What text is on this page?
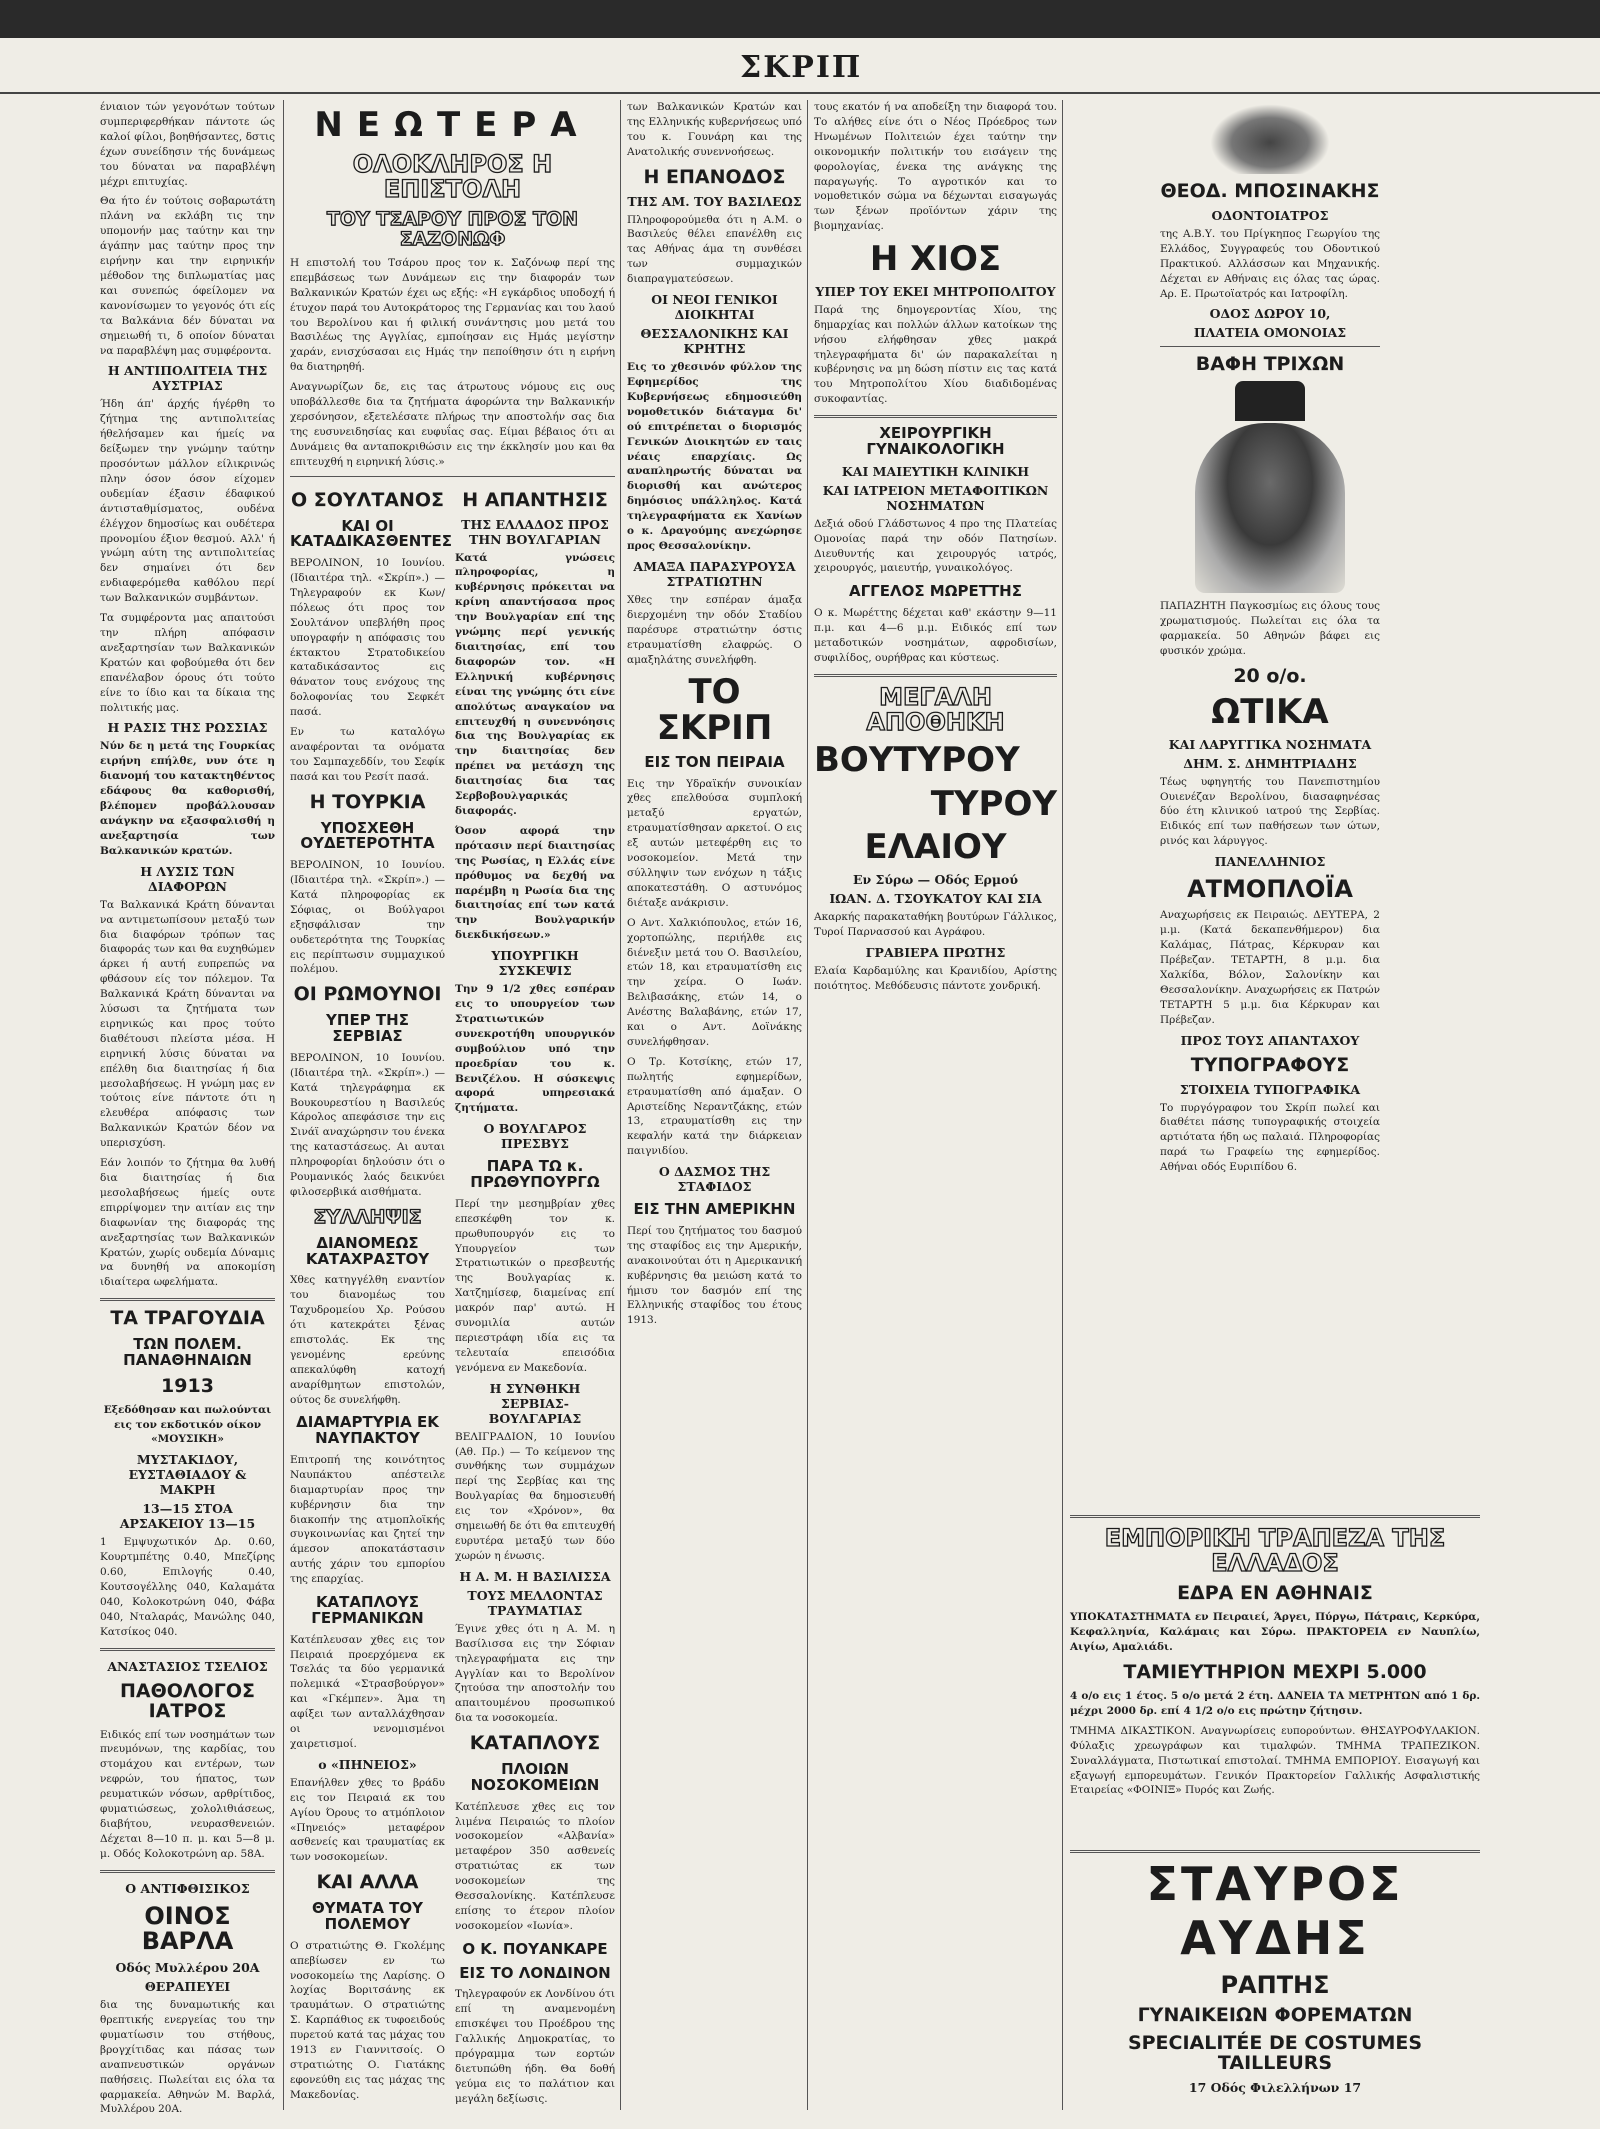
ΣΚΡΙΠ

ένιαιον τών γεγονότων τούτων συμπεριφερθήκαν πάντοτε ώς καλοί φίλοι, βοηθήσαντες, δστις έχων συνείδησιν τής δυνάμεως του δύναται να παραβλέψη μέχρι επιτυχίας.

Θα ήτο έν τούτοις σοβαρωτάτη πλάνη να εκλάβη τις την υπομονήν μας ταύτην και την άγάπην μας ταύτην προς την ειρήνην και την ειρηνικήν μέθοδον της διπλωματίας μας και συνεπώς όφείλομεν να κανονίσωμεν το γεγονός ότι είς τα Βαλκάνια δέν δύναται να σημειωθή τι, δ οποίον δύναται να παραβλέψη μας συμφέροντα.

Η ΑΝΤΙΠΟΛΙΤΕΙΑ ΤΗΣ ΑΥΣΤΡΙΑΣ

Ήδη άπ' άρχής ήγέρθη το ζήτημα της αντιπολιτείας ήθελήσαμεν και ήμείς να δείξωμεν την γνώμην ταύτην προσόντων μάλλον είλικρινώς πλην όσον όσον είχομεν ουδεμίαν έξασιν έδαφικού άντισταθμίσματος, ουδένα έλέγχον δημοσίως και ουδέτερα προνομίου έξιον θεσμού. Αλλ' ή γνώμη αύτη της αντιπολιτείας δεν σημαίνει ότι δεν ενδιαφερόμεθα καθόλου περί των Βαλκανικών συμβάντων.

Τα συμφέροντα μας απαιτούσι την πλήρη απόφασιν ανεξαρτησίαν των Βαλκανικών Κρατών και φοβούμεθα ότι δεν επανέλαβον όρους ότι τούτο είνε το ίδιο και τα δίκαια της πολιτικής μας.

Η ΡΑΣΙΣ ΤΗΣ ΡΩΣΣΙΑΣ

Νύν δε η μετά της Γουρκίας ειρήνη επήλθε, νυν ότε η διανομή του κατακτηθέντος εδάφους θα καθορισθή, βλέπομεν προβάλλουσαν ανάγκην να εξασφαλισθή η ανεξαρτησία των Βαλκανικών κρατών.

Η ΛΥΣΙΣ ΤΩΝ ΔΙΑΦΟΡΩΝ

Τα Βαλκανικά Κράτη δύνανται να αντιμετωπίσουν μεταξύ των δια διαφόρων τρόπων τας διαφοράς των και θα ευχηθώμεν άρκει ή αυτή ευπρεπώς να φθάσουν είς τον πόλεμον. Τα Βαλκανικά Κράτη δύνανται να λύσωσι τα ζητήματα των ειρηνικώς και προς τούτο διαθέτουσι πλείστα μέσα. Η ειρηνική λύσις δύναται να επέλθη δια διαιτησίας ή δια μεσολαβήσεως. Η γνώμη μας εν τούτοις είνε πάντοτε ότι η ελευθέρα απόφασις των Βαλκανικών Κρατών δέον να υπερισχύση.

Εάν λοιπόν το ζήτημα θα λυθή δια διαιτησίας ή δια μεσολαβήσεως ήμείς ουτε επιρρίψομεν την αιτίαν εις την διαφωνίαν της διαφοράς της ανεξαρτησίας των Βαλκανικών Κρατών, χωρίς ουδεμία Δύναμις να δυνηθή να αποκομίση ιδιαίτερα ωφελήματα.

ΤΑ ΤΡΑΓΟΥΔΙΑ
ΤΩΝ ΠΟΛΕΜ. ΠΑΝΑΘΗΝΑΙΩΝ
1913

Εξεδόθησαν και πωλούνται εις τον εκδοτικόν οίκον «ΜΟΥΣΙΚΗ»

ΜΥΣΤΑΚΙΔΟΥ, ΕΥΣΤΑΘΙΑΔΟΥ & ΜΑΚΡΗ
13—15 ΣΤΟΑ ΑΡΣΑΚΕΙΟΥ 13—15

1 Εμψυχωτικόν Δρ. 0.60, Κουρτμπέτης 0.40, Μπεζίρης 0.60, Επιλογής 0.40, Κουτσογέλλης 040, Καλαμάτα 040, Κολοκοτρώνη 040, Φάβα 040, Νταλαράς, Μανώλης 040, Κατσίκος 040.

ΑΝΑΣΤΑΣΙΟΣ ΤΣΕΛΙΟΣ
ΠΑΘΟΛΟΓΟΣ ΙΑΤΡΟΣ

Ειδικός επί των νοσημάτων των πνευμόνων, της καρδίας, του στομάχου και εντέρων, των νεφρών, του ήπατος, των ρευματικών νόσων, αρθρίτιδος, φυματιώσεως, χολολιθιάσεως, διαβήτου, νευρασθενειών. Δέχεται 8—10 π. μ. και 5—8 μ. μ. Οδός Κολοκοτρώνη αρ. 58Α.

Ο ΑΝΤΙΦΘΙΣΙΚΟΣ
ΟΙΝΟΣ ΒΑΡΛΑ
Οδός Μυλλέρου 20Α
ΘΕΡΑΠΕΥΕΙ

δια της δυναμωτικής και θρεπτικής ενεργείας του την φυματίωσιν του στήθους, βρογχίτιδας και πάσας των αναπνευστικών οργάνων παθήσεις. Πωλείται εις όλα τα φαρμακεία. Αθηνών Μ. Βαρλά, Μυλλέρου 20Α.

ΝΕΩΤΕΡΑ
ΟΛΟΚΛΗΡΟΣ Η ΕΠΙΣΤΟΛΗ
ΤΟΥ ΤΣΑΡΟΥ ΠΡΟΣ ΤΟΝ ΣΑΖΟΝΩΦ

Η επιστολή του Τσάρου προς τον κ. Σαζόνωφ περί της επεμβάσεως των Δυνάμεων εις την διαφοράν των Βαλκανικών Κρατών έχει ως εξής: «Η εγκάρδιος υποδοχή ή έτυχον παρά του Αυτοκράτορος της Γερμανίας και του λαού του Βερολίνου και ή φιλική συνάντησις μου μετά του Βασιλέως της Αγγλίας, εμποίησαν εις Ημάς μεγίστην χαράν, ενισχύσασαι εις Ημάς την πεποίθησιν ότι η ειρήνη θα διατηρηθή.

Αναγνωρίζων δε, εις τας άτρωτους νόμους εις ους υποβάλλεσθε δια τα ζητήματα άφορώντα την Βαλκανικήν χερσόνησον, εξετελέσατε πλήρως την αποστολήν σας δια της ευσυνειδησίας και ευφυΐας σας. Είμαι βέβαιος ότι αι Δυνάμεις θα ανταποκριθώσιν εις την έκκλησίν μου και θα επιτευχθή η ειρηνική λύσις.»

Ο ΣΟΥΛΤΑΝΟΣ
ΚΑΙ ΟΙ ΚΑΤΑΔΙΚΑΣΘΕΝΤΕΣ

ΒΕΡΟΛΙΝΟΝ, 10 Ιουνίου. (Ιδιαιτέρα τηλ. «Σκρίπ».) — Τηλεγραφούν εκ Κων/πόλεως ότι προς τον Σουλτάνον υπεβλήθη προς υπογραφήν η απόφασις του έκτακτου Στρατοδικείου καταδικάσαντος εις θάνατον τους ενόχους της δολοφονίας του Σεφκέτ πασά.

Εν τω καταλόγω αναφέρονται τα ονόματα του Σαμπαχεδδίν, του Σεφίκ πασά και του Ρεσίτ πασά.

Η ΤΟΥΡΚΙΑ
ΥΠΟΣΧΕΘΗ ΟΥΔΕΤΕΡΟΤΗΤΑ

ΒΕΡΟΛΙΝΟΝ, 10 Ιουνίου. (Ιδιαιτέρα τηλ. «Σκρίπ».) — Κατά πληροφορίας εκ Σόφιας, οι Βούλγαροι εξησφάλισαν την ουδετερότητα της Τουρκίας εις περίπτωσιν συμμαχικού πολέμου.

ΟΙ ΡΩΜΟΥΝΟΙ
ΥΠΕΡ ΤΗΣ ΣΕΡΒΙΑΣ

ΒΕΡΟΛΙΝΟΝ, 10 Ιουνίου. (Ιδιαιτέρα τηλ. «Σκρίπ».) — Κατά τηλεγράφημα εκ Βουκουρεστίου η Βασιλεύς Κάρολος απεφάσισε την εις Σινάϊ αναχώρησιν του ένεκα της καταστάσεως. Αι αυται πληροφορίαι δηλούσιν ότι ο Ρουμανικός λαός δεικνύει φιλοσερβικά αισθήματα.

ΣΥΛΛΗΨΙΣ
ΔΙΑΝΟΜΕΩΣ ΚΑΤΑΧΡΑΣΤΟΥ

Χθες κατηγγέλθη εναντίον του διανομέως του Ταχυδρομείου Χρ. Ρούσου ότι κατεκράτει ξένας επιστολάς. Εκ της γενομένης ερεύνης απεκαλύφθη κατοχή αναρίθμητων επιστολών, ούτος δε συνελήφθη.

ΔΙΑΜΑΡΤΥΡΙΑ ΕΚ ΝΑΥΠΑΚΤΟΥ

Επιτροπή της κοινότητος Ναυπάκτου απέστειλε διαμαρτυρίαν προς την κυβέρνησιν δια την διακοπήν της ατμοπλοϊκής συγκοινωνίας και ζητεί την άμεσον αποκατάστασιν αυτής χάριν του εμπορίου της επαρχίας.

ΚΑΤΑΠΛΟΥΣ ΓΕΡΜΑΝΙΚΩΝ

Κατέπλευσαν χθες εις τον Πειραιά προερχόμενα εκ Τσελάς τα δύο γερμανικά πολεμικά «Στρασβούργον» και «Γκέμπεν». Άμα τη αφίξει των ανταλλάχθησαν οι νενομισμένοι χαιρετισμοί.

ο «ΠΗΝΕΙΟΣ»

Επανήλθεν χθες το βράδυ εις τον Πειραιά εκ του Αγίου Όρους το ατμόπλοιον «Πηνειός» μεταφέρον ασθενείς και τραυματίας εκ των νοσοκομείων.

ΚΑΙ ΑΛΛΑ
ΘΥΜΑΤΑ ΤΟΥ ΠΟΛΕΜΟΥ

Ο στρατιώτης Θ. Γκολέμης απεβίωσεν εν τω νοσοκομείω της Λαρίσης. Ο λοχίας Βοριτσάνης εκ τραυμάτων. Ο στρατιώτης Σ. Καρπάθιος εκ τυφοειδούς πυρετού κατά τας μάχας του 1913 εν Γιαννιτσοίς. Ο στρατιώτης Ο. Γιατάκης εφονεύθη εις τας μάχας της Μακεδονίας.

Η ΑΠΑΝΤΗΣΙΣ
ΤΗΣ ΕΛΛΑΔΟΣ ΠΡΟΣ ΤΗΝ ΒΟΥΛΓΑΡΙΑΝ

Κατά γνώσεις πληροφορίας, η κυβέρνησις πρόκειται να κρίνη απαντήσασα προς την Βουλγαρίαν επί της γνώμης περί γενικής διαιτησίας, επί του διαφορών τον. «Η Ελληνική κυβέρνησις είναι της γνώμης ότι είνε απολύτως αναγκαίον να επιτευχθή η συνεννόησις δια της Βουλγαρίας εκ την διαιτησίας δεν πρέπει να μετάσχη της διαιτησίας δια τας Σερβοβουλγαρικάς διαφοράς.

Όσον αφορά την πρότασιν περί διαιτησίας της Ρωσίας, η Ελλάς είνε πρόθυμος να δεχθή να παρέμβη η Ρωσία δια της διαιτησίας επί των κατά την Βουλγαρικήν διεκδικήσεων.»

ΥΠΟΥΡΓΙΚΗ ΣΥΣΚΕΨΙΣ

Την 9 1/2 χθες εσπέραν εις το υπουργείον των Στρατιωτικών συνεκροτήθη υπουργικόν συμβούλιον υπό την προεδρίαν του κ. Βενιζέλου. Η σύσκεψις αφορά υπηρεσιακά ζητήματα.

Ο ΒΟΥΛΓΑΡΟΣ ΠΡΕΣΒΥΣ
ΠΑΡΑ ΤΩ κ. ΠΡΩΘΥΠΟΥΡΓΩ

Περί την μεσημβρίαν χθες επεσκέφθη τον κ. πρωθυπουργόν εις το Υπουργείον των Στρατιωτικών ο πρεσβευτής της Βουλγαρίας κ. Χατζημίσεφ, διαμείνας επί μακρόν παρ' αυτώ. Η συνομιλία αυτών περιεστράφη ιδία εις τα τελευταία επεισόδια γενόμενα εν Μακεδονία.

Η ΣΥΝΘΗΚΗ ΣΕΡΒΙΑΣ-ΒΟΥΛΓΑΡΙΑΣ

ΒΕΛΙΓΡΑΔΙΟΝ, 10 Ιουνίου (Αθ. Πρ.) — Το κείμενον της συνθήκης των συμμάχων περί της Σερβίας και της Βουλγαρίας θα δημοσιευθή εις τον «Χρόνον», θα σημειωθή δε ότι θα επιτευχθή ευρυτέρα μεταξύ των δύο χωρών η ένωσις.

Η Α. Μ. Η ΒΑΣΙΛΙΣΣΑ
ΤΟΥΣ ΜΕΛΛΟΝΤΑΣ ΤΡΑΥΜΑΤΙΑΣ

Έγινε χθες ότι η Α. Μ. η Βασίλισσα εις την Σόφιαν τηλεγραφήματα εις την Αγγλίαν και το Βερολίνον ζητούσα την αποστολήν του απαιτουμένου προσωπικού δια τα νοσοκομεία.

ΚΑΤΑΠΛΟΥΣ
ΠΛΟΙΩΝ ΝΟΣΟΚΟΜΕΙΩΝ

Κατέπλευσε χθες εις τον λιμένα Πειραιώς το πλοίον νοσοκομείον «Αλβανία» μεταφέρον 350 ασθενείς στρατιώτας εκ των νοσοκομείων της Θεσσαλονίκης. Κατέπλευσε επίσης το έτερον πλοίον νοσοκομείον «Ιωνία».

Ο Κ. ΠΟΥΑΝΚΑΡΕ
ΕΙΣ ΤΟ ΛΟΝΔΙΝΟΝ

Τηλεγραφούν εκ Λονδίνου ότι επί τη αναμενομένη επισκέψει του Προέδρου της Γαλλικής Δημοκρατίας, το πρόγραμμα των εορτών διετυπώθη ήδη. Θα δοθή γεύμα εις το παλάτιον και μεγάλη δεξίωσις.

των Βαλκανικών Κρατών και της Ελληνικής κυβερνήσεως υπό του κ. Γουνάρη και της Ανατολικής συνεννοήσεως.

Η ΕΠΑΝΟΔΟΣ
ΤΗΣ ΑΜ. ΤΟΥ ΒΑΣΙΛΕΩΣ

Πληροφορούμεθα ότι η Α.Μ. ο Βασιλεύς θέλει επανέλθη εις τας Αθήνας άμα τη συνθέσει των συμμαχικών διαπραγματεύσεων.

ΟΙ ΝΕΟΙ ΓΕΝΙΚΟΙ ΔΙΟΙΚΗΤΑΙ
ΘΕΣΣΑΛΟΝΙΚΗΣ ΚΑΙ ΚΡΗΤΗΣ

Εις το χθεσινόν φύλλον της Εφημερίδος της Κυβερνήσεως εδημοσιεύθη νομοθετικόν διάταγμα δι' ού επιτρέπεται ο διορισμός Γενικών Διοικητών εν ταις νέαις επαρχίαις. Ως αναπληρωτής δύναται να διορισθή και ανώτερος δημόσιος υπάλληλος. Κατά τηλεγραφήματα εκ Χανίων ο κ. Δραγούμης ανεχώρησε προς Θεσσαλονίκην.

ΑΜΑΞΑ ΠΑΡΑΣΥΡΟΥΣΑ ΣΤΡΑΤΙΩΤΗΝ

Χθες την εσπέραν άμαξα διερχομένη την οδόν Σταδίου παρέσυρε στρατιώτην όστις ετραυματίσθη ελαφρώς. Ο αμαξηλάτης συνελήφθη.

ΤΟ ΣΚΡΙΠ
ΕΙΣ ΤΟΝ ΠΕΙΡΑΙΑ

Εις την Υδραϊκήν συνοικίαν χθες επελθούσα συμπλοκή μεταξύ εργατών, ετραυματίσθησαν αρκετοί. Ο εις εξ αυτών μετεφέρθη εις το νοσοκομείον. Μετά την σύλληψιν των ενόχων η τάξις αποκατεστάθη. Ο αστυνόμος διέταξε ανάκρισιν.

Ο Αντ. Χαλκιόπουλος, ετών 16, χορτοπώλης, περιήλθε εις διένεξιν μετά του Ο. Βασιλείου, ετών 18, και ετραυματίσθη εις την χείρα. Ο Ιωάν. Βελιβασάκης, ετών 14, ο Ανέστης Βαλαβάνης, ετών 17, και ο Αντ. Δοϊνάκης συνελήφθησαν.

Ο Τρ. Κοτσίκης, ετών 17, πωλητής εφημερίδων, ετραυματίσθη από άμαξαν. Ο Αριστείδης Νεραντζάκης, ετών 13, ετραυματίσθη εις την κεφαλήν κατά την διάρκειαν παιγνιδίου.

Ο ΔΑΣΜΟΣ ΤΗΣ ΣΤΑΦΙΔΟΣ
ΕΙΣ ΤΗΝ ΑΜΕΡΙΚΗΝ

Περί του ζητήματος του δασμού της σταφίδος εις την Αμερικήν, ανακοινούται ότι η Αμερικανική κυβέρνησις θα μειώση κατά το ήμισυ τον δασμόν επί της Ελληνικής σταφίδος του έτους 1913.

τους εκατόν ή να αποδείξη την διαφορά του. Το αλήθες είνε ότι ο Νέος Πρόεδρος των Ηνωμένων Πολιτειών έχει ταύτην την οικονομικήν πολιτικήν του εισάγειν της φορολογίας, ένεκα της ανάγκης της παραγωγής. Το αγροτικόν και το νομοθετικόν σώμα να δέχωνται εισαγωγάς των ξένων προϊόντων χάριν της βιομηχανίας.

Η ΧΙΟΣ
ΥΠΕΡ ΤΟΥ ΕΚΕΙ ΜΗΤΡΟΠΟΛΙΤΟΥ

Παρά της δημογεροντίας Χίου, της δημαρχίας και πολλών άλλων κατοίκων της νήσου ελήφθησαν χθες μακρά τηλεγραφήματα δι' ών παρακαλείται η κυβέρνησις να μη δώση πίστιν εις τας κατά του Μητροπολίτου Χίου διαδιδομένας συκοφαντίας.

ΧΕΙΡΟΥΡΓΙΚΗ ΓΥΝΑΙΚΟΛΟΓΙΚΗ
ΚΑΙ ΜΑΙΕΥΤΙΚΗ ΚΛΙΝΙΚΗ
ΚΑΙ ΙΑΤΡΕΙΟΝ ΜΕΤΑΦΟΙΤΙΚΩΝ ΝΟΣΗΜΑΤΩΝ

Δεξιά οδού Γλάδστωνος 4 προ της Πλατείας Ομονοίας παρά την οδόν Πατησίων. Διευθυντής και χειρουργός ιατρός, χειρουργός, μαιευτήρ, γυναικολόγος.

ΑΓΓΕΛΟΣ ΜΩΡΕΤΤΗΣ

Ο κ. Μωρέττης δέχεται καθ' εκάστην 9—11 π.μ. και 4—6 μ.μ. Ειδικός επί των μεταδοτικών νοσημάτων, αφροδισίων, συφιλίδος, ουρήθρας και κύστεως.

ΜΕΓΑΛΗ ΑΠΟΘΗΚΗ
ΒΟΥΤΥΡΟΥ
ΤΥΡΟΥ
ΕΛΑΙΟΥ
Εν Σύρω — Οδός Ερμού
ΙΩΑΝ. Δ. ΤΣΟΥΚΑΤΟΥ ΚΑΙ ΣΙΑ

Ακαρκής παρακαταθήκη βουτύρων Γάλλικος, Τυροί Παρνασσού και Αγράφου.

ΓΡΑΒΙΕΡΑ ΠΡΩΤΗΣ

Ελαία Καρδαμύλης και Κρανιδίου, Αρίστης ποιότητος. Μεθόδευσις πάντοτε χονδρική.

ΘΕΟΔ. ΜΠΟΣΙΝΑΚΗΣ
ΟΔΟΝΤΟΙΑΤΡΟΣ

της Α.Β.Υ. του Πρίγκηπος Γεωργίου της Ελλάδος, Συγγραφεύς του Οδοντικού Πρακτικού. Αλλάσσων και Μηχανικής. Δέχεται εν Αθήναις εις όλας τας ώρας. Αρ. Ε. Πρωτοϊατρός και Ιατροφίλη.

ΟΔΟΣ ΔΩΡΟΥ 10,
ΠΛΑΤΕΙΑ ΟΜΟΝΟΙΑΣ
ΒΑΦΗ ΤΡΙΧΩΝ

ΠΑΠΑΖΗΤΗ Παγκοσμίως εις όλους τους χρωματισμούς. Πωλείται εις όλα τα φαρμακεία. 50 Αθηνών βάφει εις φυσικόν χρώμα.

20 ο/ο.
ΩΤΙΚΑ
ΚΑΙ ΛΑΡΥΓΓΙΚΑ ΝΟΣΗΜΑΤΑ
ΔΗΜ. Σ. ΔΗΜΗΤΡΙΑΔΗΣ

Τέως υφηγητής του Πανεπιστημίου Ουιενέζαν Βερολίνου, διασαφηνέσας δύο έτη κλινικού ιατρού της Σερβίας. Ειδικός επί των παθήσεων των ώτων, ρινός και λάρυγγος.

ΠΑΝΕΛΛΗΝΙΟΣ
ΑΤΜΟΠΛΟΪΑ

Αναχωρήσεις εκ Πειραιώς. ΔΕΥΤΕΡΑ, 2 μ.μ. (Κατά δεκαπενθήμερον) δια Καλάμας, Πάτρας, Κέρκυραν και Πρέβεζαν. ΤΕΤΑΡΤΗ, 8 μ.μ. δια Χαλκίδα, Βόλον, Σαλονίκην και Θεσσαλονίκην. Αναχωρήσεις εκ Πατρών ΤΕΤΑΡΤΗ 5 μ.μ. δια Κέρκυραν και Πρέβεζαν.

ΠΡΟΣ ΤΟΥΣ ΑΠΑΝΤΑΧΟΥ
ΤΥΠΟΓΡΑΦΟΥΣ
ΣΤΟΙΧΕΙΑ ΤΥΠΟΓΡΑΦΙΚΑ

Το πυργόγραφον του Σκρίπ πωλεί και διαθέτει πάσης τυπογραφικής στοιχεία αρτιότατα ήδη ως παλαιά. Πληροφορίας παρά τω Γραφείω της εφημερίδος. Αθήναι οδός Ευριπίδου 6.

ΕΜΠΟΡΙΚΗ ΤΡΑΠΕΖΑ ΤΗΣ ΕΛΛΑΔΟΣ
ΕΔΡΑ ΕΝ ΑΘΗΝΑΙΣ

ΥΠΟΚΑΤΑΣΤΗΜΑΤΑ εν Πειραιεί, Άργει, Πύργω, Πάτραις, Κερκύρα, Κεφαλληνία, Καλάμαις και Σύρω. ΠΡΑΚΤΟΡΕΙΑ εν Ναυπλίω, Αιγίω, Αμαλιάδι.

ΤΑΜΙΕΥΤΗΡΙΟΝ ΜΕΧΡΙ 5.000

4 ο/ο εις 1 έτος. 5 ο/ο μετά 2 έτη. ΔΑΝΕΙΑ ΤΑ ΜΕΤΡΗΤΩΝ από 1 δρ. μέχρι 2000 δρ. επί 4 1/2 ο/ο εις πρώτην ζήτησιν.

ΤΜΗΜΑ ΔΙΚΑΣΤΙΚΟΝ. Αναγνωρίσεις ευπορούντων. ΘΗΣΑΥΡΟΦΥΛΑΚΙΟΝ. Φύλαξις χρεωγράφων και τιμαλφών. ΤΜΗΜΑ ΤΡΑΠΕΖΙΚΟΝ. Συναλλάγματα, Πιστωτικαί επιστολαί. ΤΜΗΜΑ ΕΜΠΟΡΙΟΥ. Εισαγωγή και εξαγωγή εμπορευμάτων. Γενικόν Πρακτορείον Γαλλικής Ασφαλιστικής Εταιρείας «ΦΟΙΝΙΞ» Πυρός και Ζωής.

ΣΤΑΥΡΟΣ ΑΥΔΗΣ
ΡΑΠΤΗΣ
ΓΥΝΑΙΚΕΙΩΝ ΦΟΡΕΜΑΤΩΝ
SPECIALITÉE DE COSTUMES TAILLEURS
17 Οδός Φιλελλήνων 17
